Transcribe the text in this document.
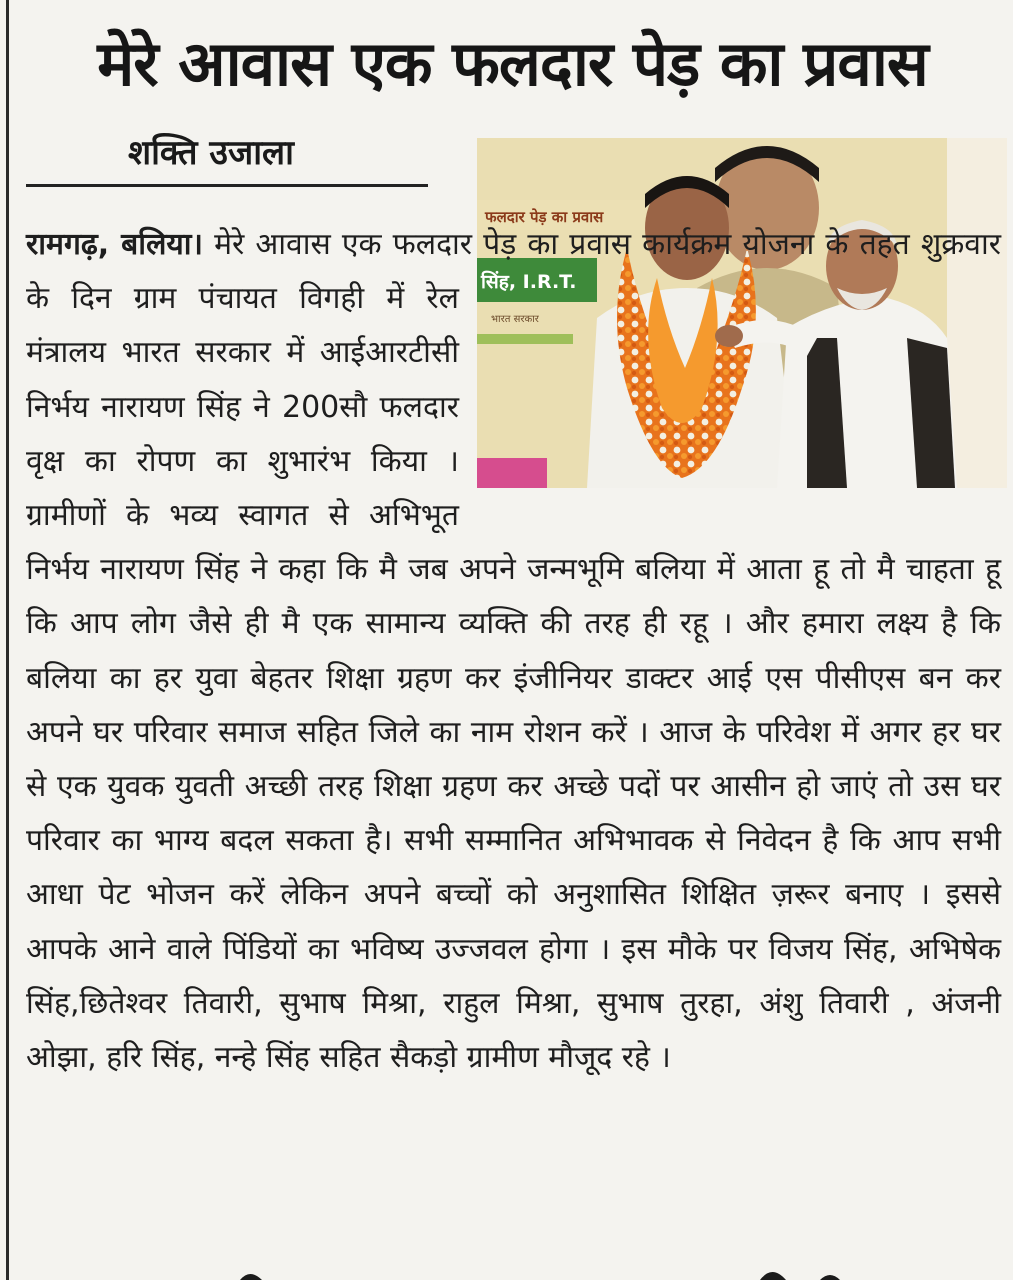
मेरे आवास एक फलदार पेड़ का प्रवास
शक्ति उजाला

फलदार पेड़ का प्रवास
सिंह, I.R.T.
भारत सरकार
रामगढ़, बलिया। मेरे आवास एक फलदार पेड़ का प्रवास कार्यक्रम योजना के तहत शुक्रवार के दिन ग्राम पंचायत विगही में रेल मंत्रालय भारत सरकार में आईआरटीसी निर्भय नारायण सिंह ने 200सौ फलदार वृक्ष का रोपण का शुभारंभ किया । ग्रामीणों के भव्य स्वागत से अभिभूत निर्भय नारायण सिंह ने कहा कि मै जब अपने जन्मभूमि बलिया में आता हू तो मै चाहता हू कि आप लोग जैसे ही मै एक सामान्य व्यक्ति की तरह ही रहू । और हमारा लक्ष्य है कि बलिया का हर युवा बेहतर शिक्षा ग्रहण कर इंजीनियर डाक्टर आई एस पीसीएस बन कर अपने घर परिवार समाज सहित जिले का नाम रोशन करें । आज के परिवेश में अगर हर घर से एक युवक युवती अच्छी तरह शिक्षा ग्रहण कर अच्छे पदों पर आसीन हो जाएं तो उस घर परिवार का भाग्य बदल सकता है। सभी सम्मानित अभिभावक से निवेदन है कि आप सभी आधा पेट भोजन करें लेकिन अपने बच्चों को अनुशासित शिक्षित ज़रूर बनाए । इससे आपके आने वाले पिंडियों का भविष्य उज्जवल होगा । इस मौके पर विजय सिंह, अभिषेक सिंह,छितेश्वर तिवारी, सुभाष मिश्रा, राहुल मिश्रा, सुभाष तुरहा, अंशु तिवारी , अंजनी ओझा, हरि सिंह, नन्हे सिंह सहित सैकड़ो ग्रामीण मौजूद रहे ।
